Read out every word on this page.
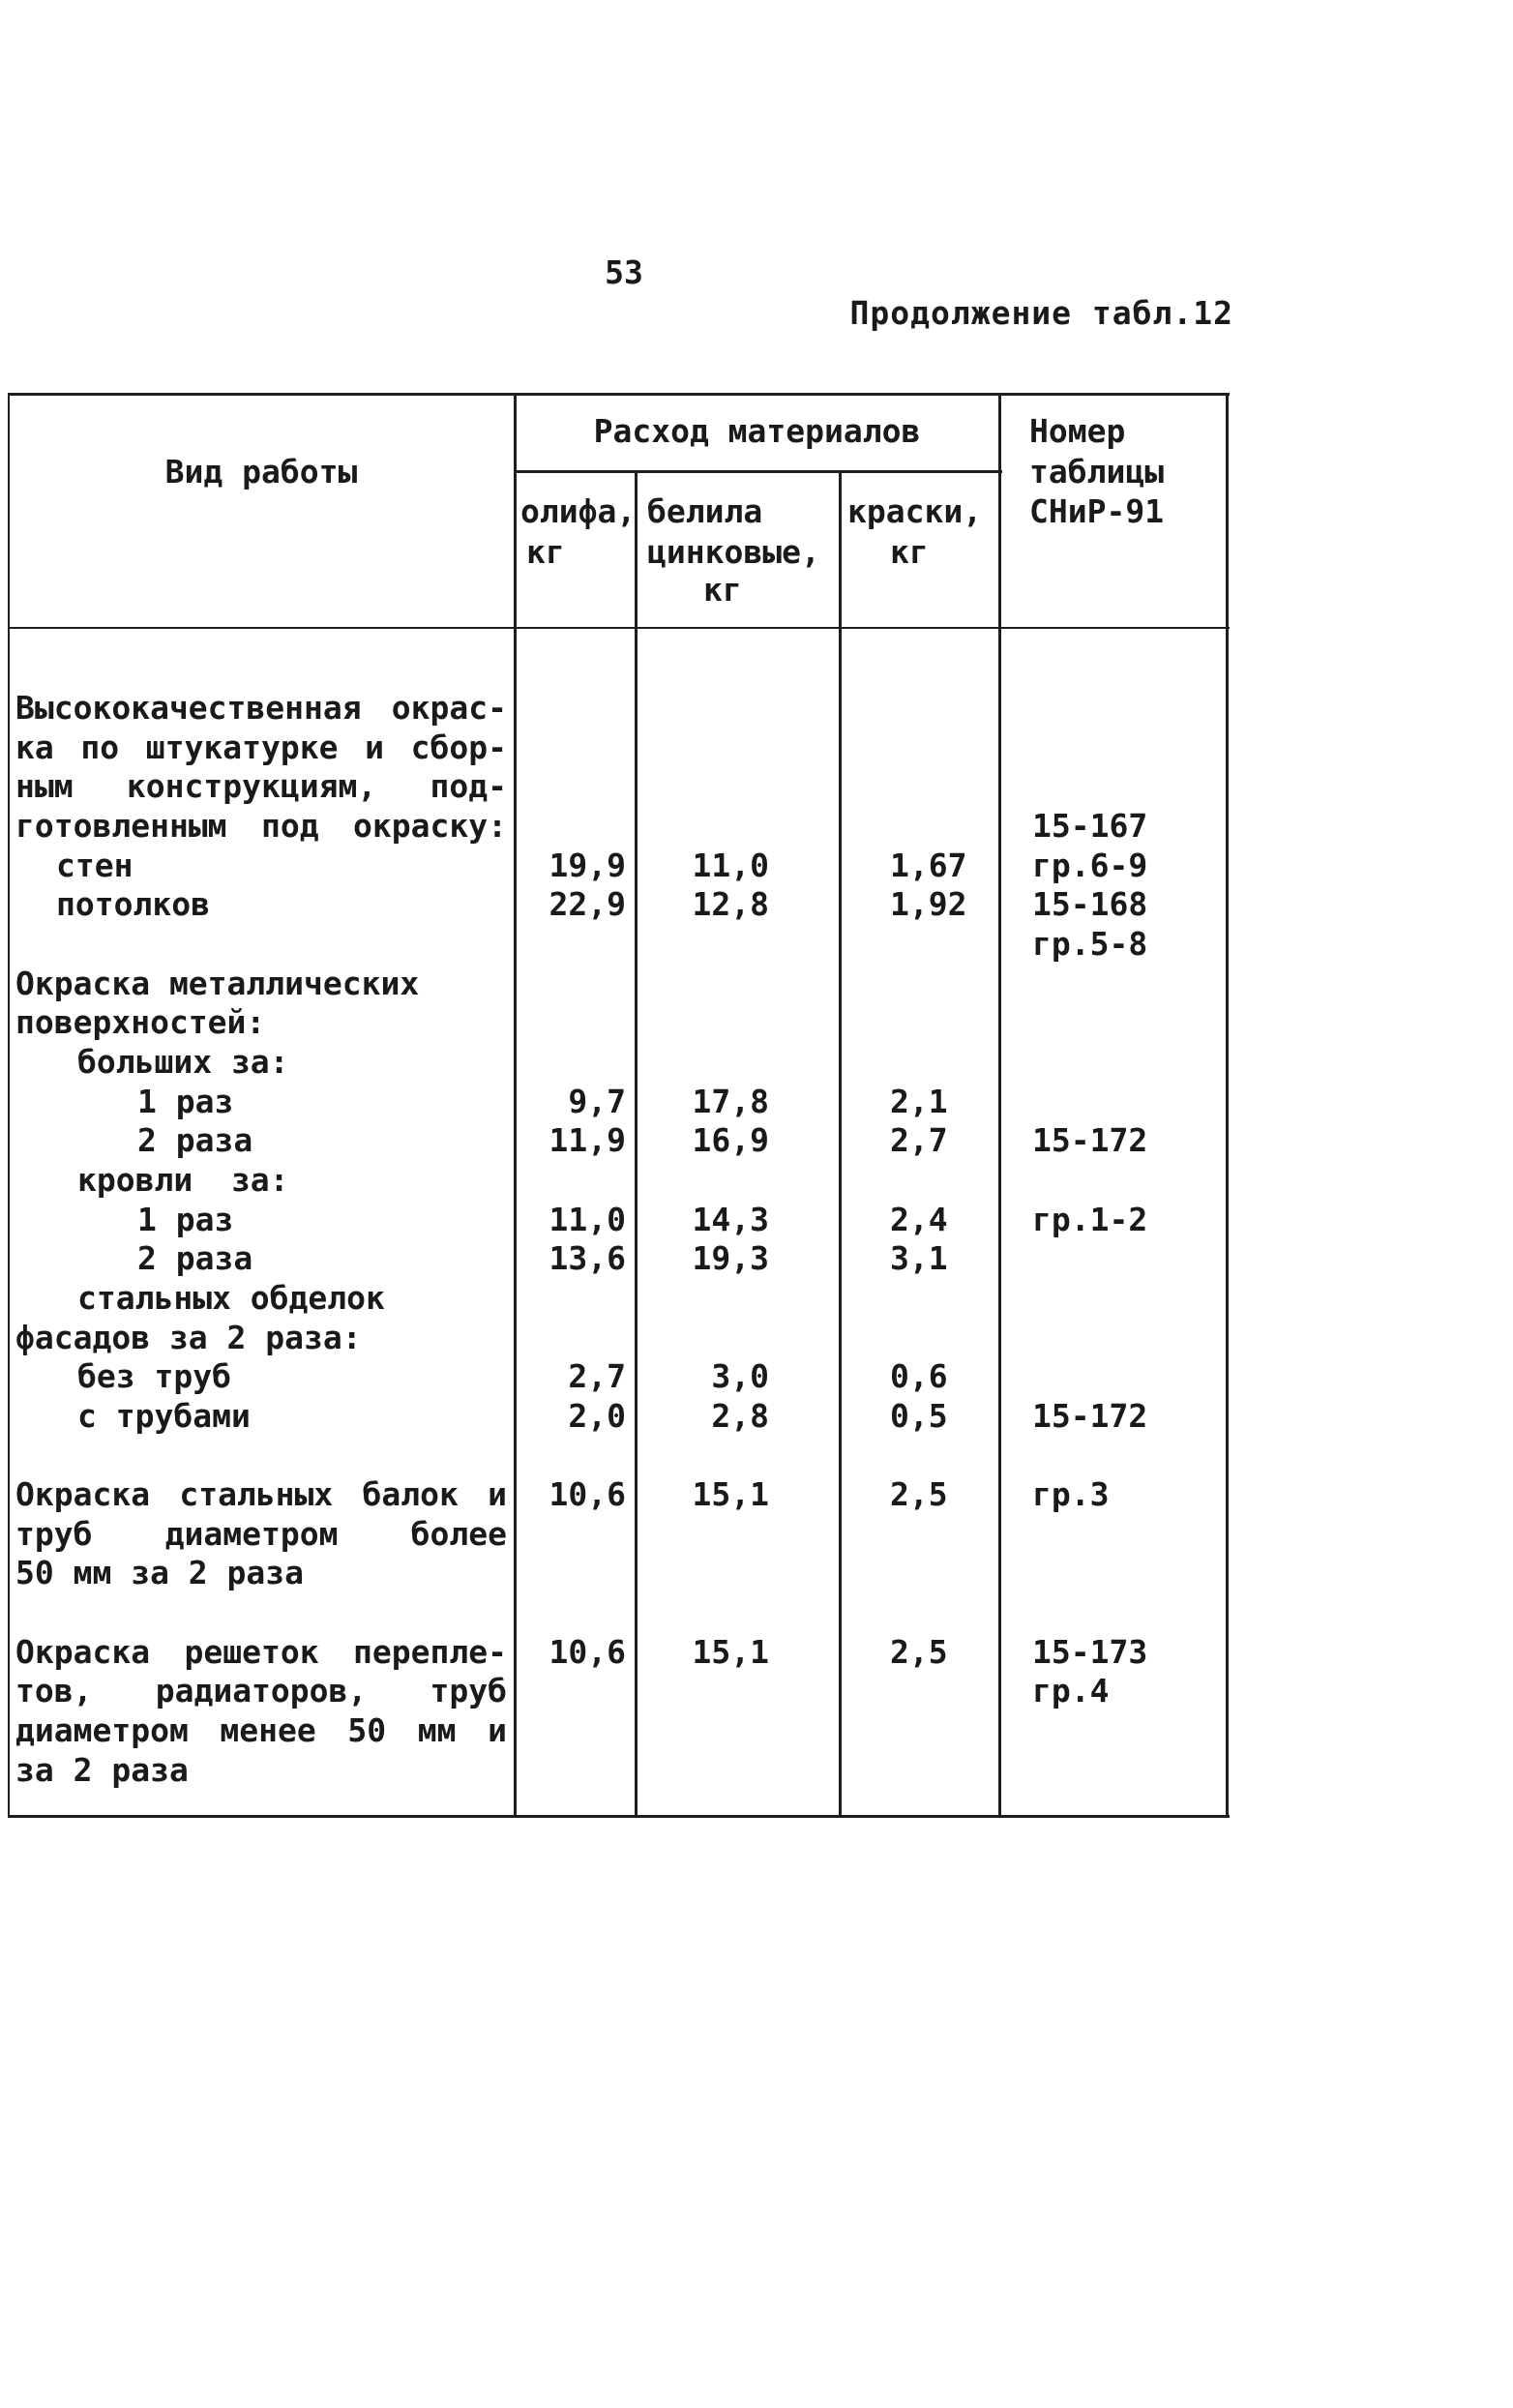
53
Продолжение табл.12
Вид работы
Расход материалов
олифа,
кг
белила
цинковые,
кг
краски,
кг
Номер
таблицы
СНиР-91
Высококачественная окрас-
ка по штукатурке и сбор-
ным конструкциям, под-
готовленным под окраску:	15-167
стен	19,9	11,0	1,67	гр.6-9
потолков	22,9	12,8	1,92	15-168
гр.5-8
Окраска металлических
поверхностей:
больших за:
1 раз	9,7	17,8	2,1
2 раза	11,9	16,9	2,7	15-172
кровли  за:
1 раз	11,0	14,3	2,4	гр.1-2
2 раза	13,6	19,3	3,1
стальных обделок
фасадов за 2 раза:
без труб	2,7	3,0	0,6
с трубами	2,0	2,8	0,5	15-172
Окраска стальных балок и	10,6	15,1	2,5	гр.3
труб диаметром более
50 мм за 2 раза
Окраска решеток перепле-	10,6	15,1	2,5	15-173
тов, радиаторов, труб	гр.4
диаметром менее 50 мм и
за 2 раза
